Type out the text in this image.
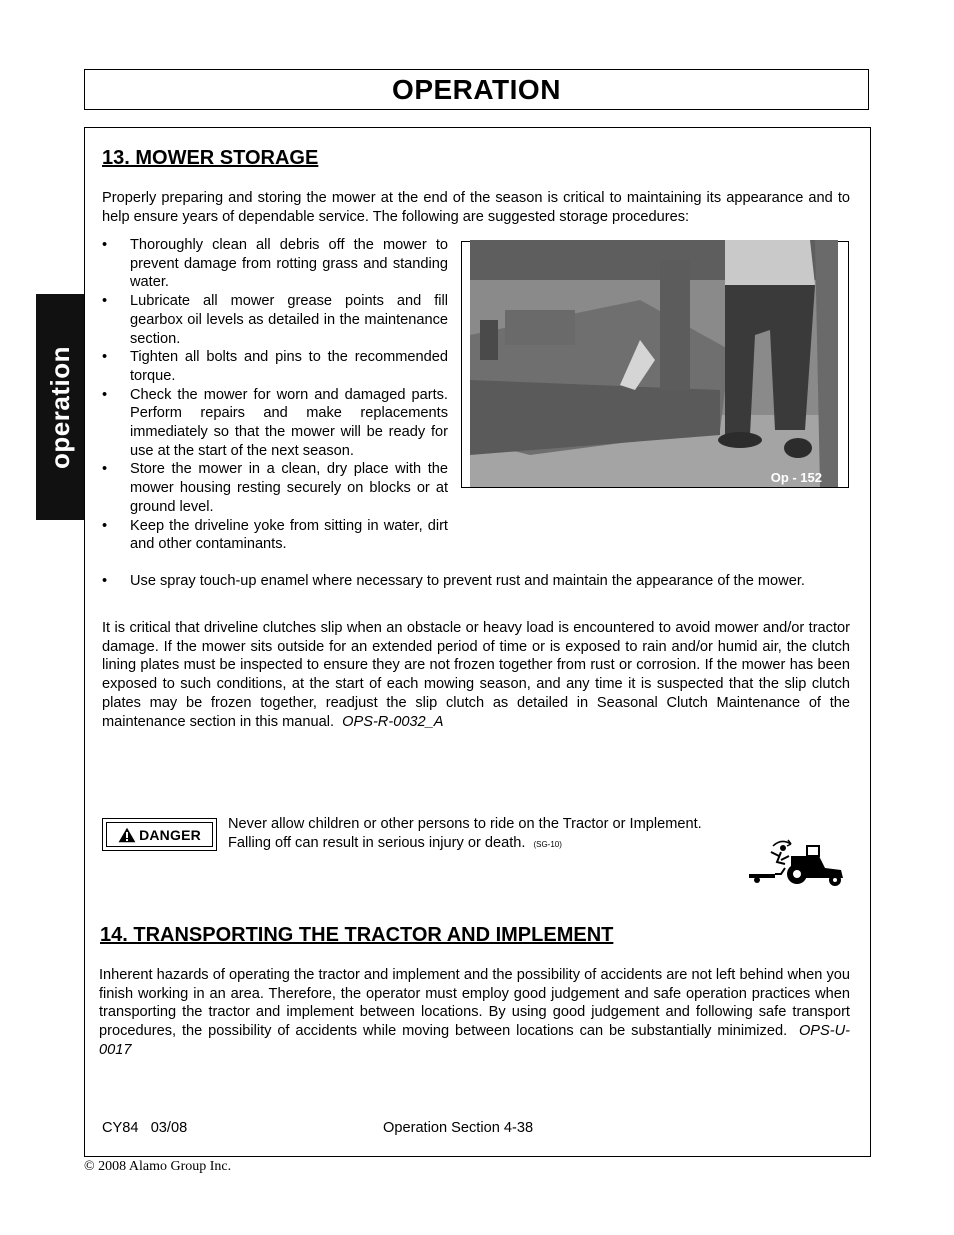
OPERATION
operation
13. MOWER STORAGE
Properly preparing and storing the mower at the end of the season is critical to maintaining its appearance and to help ensure years of dependable service. The following are suggested storage procedures:
• Thoroughly clean all debris off the mower to prevent damage from rotting grass and standing water.
• Lubricate all mower grease points and fill gearbox oil levels as detailed in the maintenance section.
• Tighten all bolts and pins to the recommended torque.
• Check the mower for worn and damaged parts. Perform repairs and make replacements immediately so that the mower will be ready for use at the start of the next season.
• Store the mower in a clean, dry place with the mower housing resting securely on blocks or at ground level.
• Keep the driveline yoke from sitting in water, dirt and other contaminants.
• Use spray touch-up enamel where necessary to prevent rust and maintain the appearance of the mower.
Op - 152
It is critical that driveline clutches slip when an obstacle or heavy load is encountered to avoid mower and/or tractor damage. If the mower sits outside for an extended period of time or is exposed to rain and/or humid air, the clutch lining plates must be inspected to ensure they are not frozen together from rust or corrosion. If the mower has been exposed to such conditions, at the start of each mowing season, and any time it is suspected that the slip clutch plates may be frozen together, readjust the slip clutch as detailed in Seasonal Clutch Maintenance of the maintenance section in this manual. OPS-R-0032_A
DANGER
Never allow children or other persons to ride on the Tractor or Implement.
Falling off can result in serious injury or death. (SG-10)
14. TRANSPORTING THE TRACTOR AND IMPLEMENT
Inherent hazards of operating the tractor and implement and the possibility of accidents are not left behind when you finish working in an area. Therefore, the operator must employ good judgement and safe operation practices when transporting the tractor and implement between locations. By using good judgement and following safe transport procedures, the possibility of accidents while moving between locations can be substantially minimized. OPS-U- 0017
CY84 03/08	Operation Section 4-38
© 2008 Alamo Group Inc.
